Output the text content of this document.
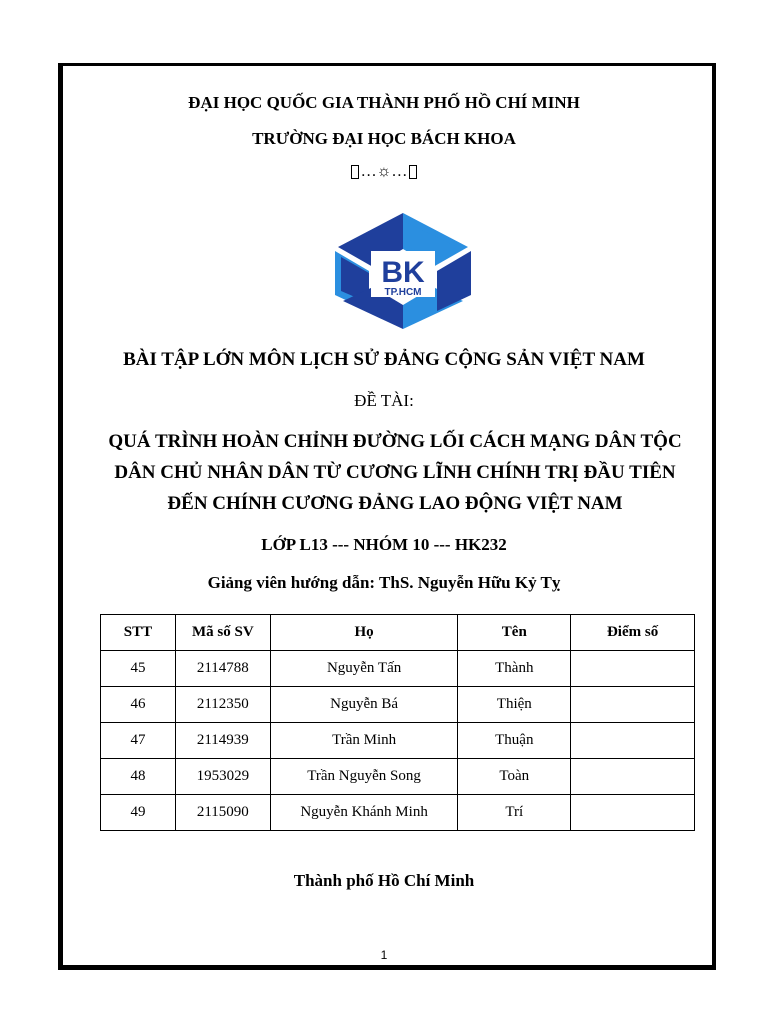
ĐẠI HỌC QUỐC GIA THÀNH PHỐ HỒ CHÍ MINH
TRƯỜNG ĐẠI HỌC BÁCH KHOA
…☼…
BK
TP.HCM
BÀI TẬP LỚN MÔN LỊCH SỬ ĐẢNG CỘNG SẢN VIỆT NAM
ĐỀ TÀI:
QUÁ TRÌNH HOÀN CHỈNH ĐƯỜNG LỐI CÁCH MẠNG DÂN TỘC
DÂN CHỦ NHÂN DÂN TỪ CƯƠNG LĨNH CHÍNH TRỊ ĐẦU TIÊN
ĐẾN CHÍNH CƯƠNG ĐẢNG LAO ĐỘNG VIỆT NAM
LỚP L13 --- NHÓM 10 --- HK232
Giảng viên hướng dẫn: ThS. Nguyễn Hữu Kỷ Tỵ
STT	Mã số SV	Họ	Tên	Điểm số
45	2114788	Nguyễn Tấn	Thành	
46	2112350	Nguyễn Bá	Thiện	
47	2114939	Trần Minh	Thuận	
48	1953029	Trần Nguyễn Song	Toàn	
49	2115090	Nguyễn Khánh Minh	Trí	
Thành phố Hồ Chí Minh
1
